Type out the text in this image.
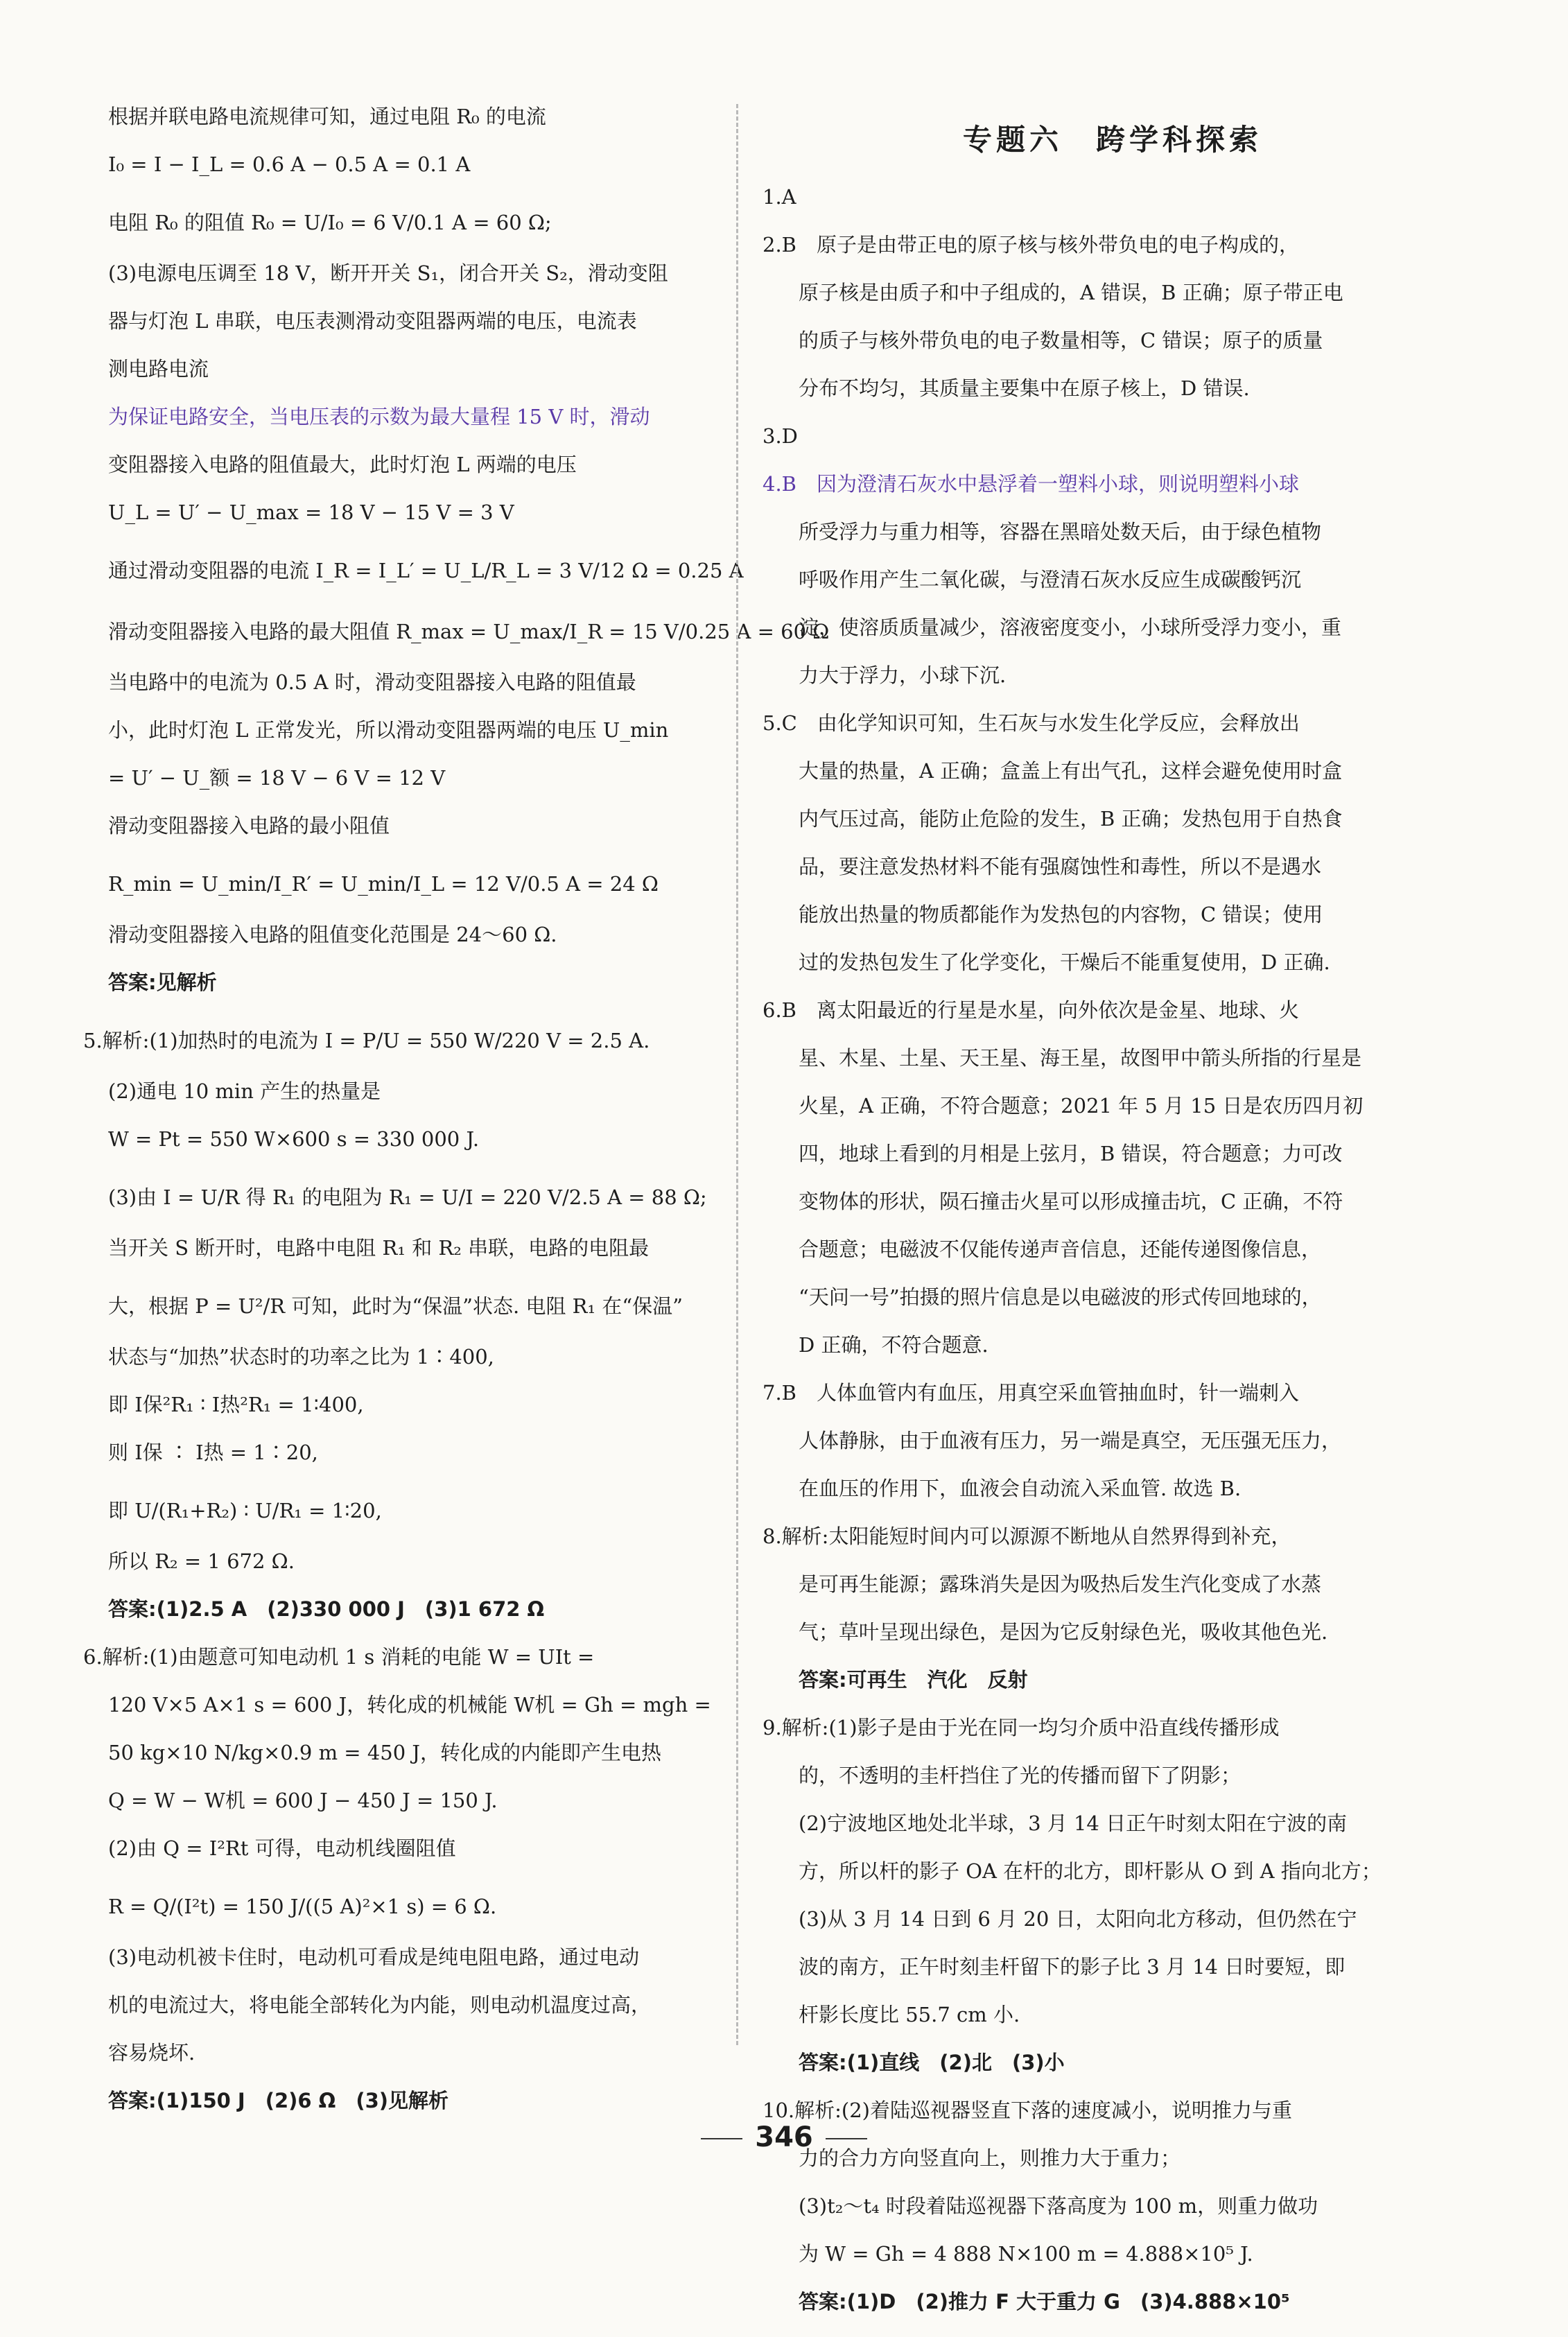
根据并联电路电流规律可知，通过电阻 R₀ 的电流
I₀ = I − I_L = 0.6 A − 0.5 A = 0.1 A
电阻 R₀ 的阻值 R₀ = U/I₀ = 6 V/0.1 A = 60 Ω;
(3)电源电压调至 18 V，断开开关 S₁，闭合开关 S₂，滑动变阻
器与灯泡 L 串联，电压表测滑动变阻器两端的电压，电流表
测电路电流
为保证电路安全，当电压表的示数为最大量程 15 V 时，滑动
变阻器接入电路的阻值最大，此时灯泡 L 两端的电压
U_L = U′ − U_max = 18 V − 15 V = 3 V
通过滑动变阻器的电流 I_R = I_L′ = U_L/R_L = 3 V/12 Ω = 0.25 A
滑动变阻器接入电路的最大阻值 R_max = U_max/I_R = 15 V/0.25 A = 60 Ω
当电路中的电流为 0.5 A 时，滑动变阻器接入电路的阻值最
小，此时灯泡 L 正常发光，所以滑动变阻器两端的电压 U_min
= U′ − U_额 = 18 V − 6 V = 12 V
滑动变阻器接入电路的最小阻值
R_min = U_min/I_R′ = U_min/I_L = 12 V/0.5 A = 24 Ω
滑动变阻器接入电路的阻值变化范围是 24～60 Ω.
答案:见解析
5.解析:(1)加热时的电流为 I = P/U = 550 W/220 V = 2.5 A.
(2)通电 10 min 产生的热量是
W = Pt = 550 W×600 s = 330 000 J.
(3)由 I = U/R 得 R₁ 的电阻为 R₁ = U/I = 220 V/2.5 A = 88 Ω;
当开关 S 断开时，电路中电阻 R₁ 和 R₂ 串联，电路的电阻最
大，根据 P = U²/R 可知，此时为“保温”状态. 电阻 R₁ 在“保温”
状态与“加热”状态时的功率之比为 1∶400,
即 I保²R₁ ∶ I热²R₁ = 1∶400,
则 I保 ∶ I热 = 1∶20,
即 U/(R₁+R₂) ∶ U/R₁ = 1∶20,
所以 R₂ = 1 672 Ω.
答案:(1)2.5 A　(2)330 000 J　(3)1 672 Ω
6.解析:(1)由题意可知电动机 1 s 消耗的电能 W = UIt =
120 V×5 A×1 s = 600 J，转化成的机械能 W机 = Gh = mgh =
50 kg×10 N/kg×0.9 m = 450 J，转化成的内能即产生电热
Q = W − W机 = 600 J − 450 J = 150 J.
(2)由 Q = I²Rt 可得，电动机线圈阻值
R = Q/(I²t) = 150 J/((5 A)²×1 s) = 6 Ω.
(3)电动机被卡住时，电动机可看成是纯电阻电路，通过电动
机的电流过大，将电能全部转化为内能，则电动机温度过高，
容易烧坏.
答案:(1)150 J　(2)6 Ω　(3)见解析
专题六　跨学科探索
1.A
2.B　原子是由带正电的原子核与核外带负电的电子构成的，
原子核是由质子和中子组成的，A 错误，B 正确；原子带正电
的质子与核外带负电的电子数量相等，C 错误；原子的质量
分布不均匀，其质量主要集中在原子核上，D 错误.
3.D
4.B　因为澄清石灰水中悬浮着一塑料小球，则说明塑料小球
所受浮力与重力相等，容器在黑暗处数天后，由于绿色植物
呼吸作用产生二氧化碳，与澄清石灰水反应生成碳酸钙沉
淀，使溶质质量减少，溶液密度变小，小球所受浮力变小，重
力大于浮力，小球下沉.
5.C　由化学知识可知，生石灰与水发生化学反应，会释放出
大量的热量，A 正确；盒盖上有出气孔，这样会避免使用时盒
内气压过高，能防止危险的发生，B 正确；发热包用于自热食
品，要注意发热材料不能有强腐蚀性和毒性，所以不是遇水
能放出热量的物质都能作为发热包的内容物，C 错误；使用
过的发热包发生了化学变化，干燥后不能重复使用，D 正确.
6.B　离太阳最近的行星是水星，向外依次是金星、地球、火
星、木星、土星、天王星、海王星，故图甲中箭头所指的行星是
火星，A 正确，不符合题意；2021 年 5 月 15 日是农历四月初
四，地球上看到的月相是上弦月，B 错误，符合题意；力可改
变物体的形状，陨石撞击火星可以形成撞击坑，C 正确，不符
合题意；电磁波不仅能传递声音信息，还能传递图像信息，
“天问一号”拍摄的照片信息是以电磁波的形式传回地球的，
D 正确，不符合题意.
7.B　人体血管内有血压，用真空采血管抽血时，针一端刺入
人体静脉，由于血液有压力，另一端是真空，无压强无压力，
在血压的作用下，血液会自动流入采血管. 故选 B.
8.解析:太阳能短时间内可以源源不断地从自然界得到补充，
是可再生能源；露珠消失是因为吸热后发生汽化变成了水蒸
气；草叶呈现出绿色，是因为它反射绿色光，吸收其他色光.
答案:可再生　汽化　反射
9.解析:(1)影子是由于光在同一均匀介质中沿直线传播形成
的，不透明的圭杆挡住了光的传播而留下了阴影；
(2)宁波地区地处北半球，3 月 14 日正午时刻太阳在宁波的南
方，所以杆的影子 OA 在杆的北方，即杆影从 O 到 A 指向北方；
(3)从 3 月 14 日到 6 月 20 日，太阳向北方移动，但仍然在宁
波的南方，正午时刻圭杆留下的影子比 3 月 14 日时要短，即
杆影长度比 55.7 cm 小.
答案:(1)直线　(2)北　(3)小
10.解析:(2)着陆巡视器竖直下落的速度减小，说明推力与重
力的合力方向竖直向上，则推力大于重力；
(3)t₂～t₄ 时段着陆巡视器下落高度为 100 m，则重力做功
为 W = Gh = 4 888 N×100 m = 4.888×10⁵ J.
答案:(1)D　(2)推力 F 大于重力 G　(3)4.888×10⁵
346
